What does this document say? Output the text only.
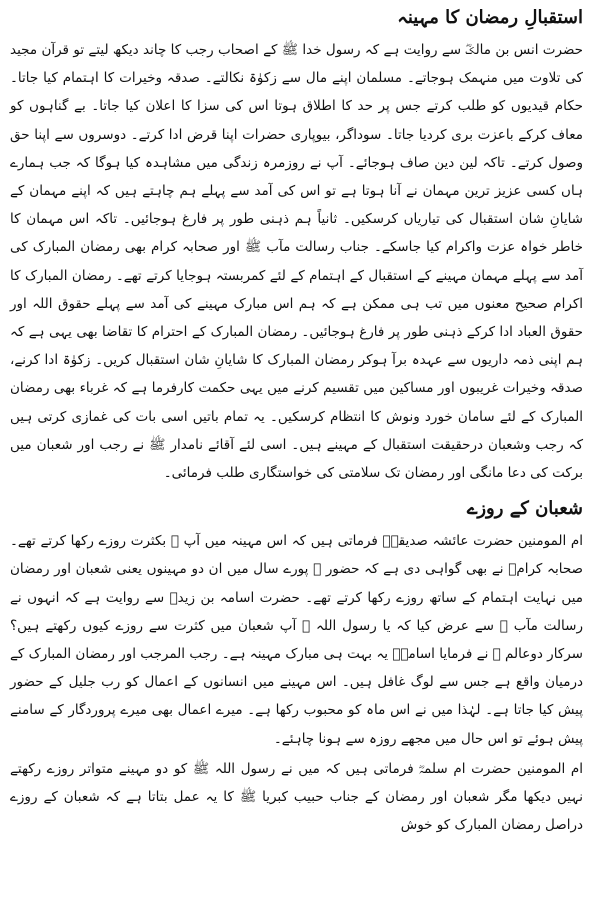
استقبالِ رمضان کا مہینہ

حضرت انس بن مالکؓ سے روایت ہے کہ رسول خدا ﷺ کے اصحاب رجب کا چاند دیکھ لیتے تو قرآن مجید کی تلاوت میں منہمک ہوجاتے۔ مسلمان اپنے مال سے زکوٰۃ نکالتے۔ صدقہ وخیرات کا اہتمام کیا جاتا۔ حکام قیدیوں کو طلب کرتے جس پر حد کا اطلاق ہوتا اس کی سزا کا اعلان کیا جاتا۔ بے گناہوں کو معاف کرکے باعزت بری کردیا جاتا۔ سوداگر، بیوپاری حضرات اپنا قرض ادا کرتے۔ دوسروں سے اپنا حق وصول کرتے۔ تاکہ لین دین صاف ہوجائے۔ آپ نے روزمرہ زندگی میں مشاہدہ کیا ہوگا کہ جب ہمارے ہاں کسی عزیز ترین مہمان نے آنا ہوتا ہے تو اس کی آمد سے پہلے ہم چاہتے ہیں کہ اپنے مہمان کے شایانِ شان استقبال کی تیاریاں کرسکیں۔ ثانیاً ہم ذہنی طور پر فارغ ہوجائیں۔ تاکہ اس مہمان کا خاطر خواہ عزت واکرام کیا جاسکے۔ جناب رسالت مآب ﷺ اور صحابہ کرام بھی رمضان المبارک کی آمد سے پہلے مہمان مہینے کے استقبال کے اہتمام کے لئے کمربستہ ہوجایا کرتے تھے۔ رمضان المبارک کا اکرام صحیح معنوں میں تب ہی ممکن ہے کہ ہم اس مبارک مہینے کی آمد سے پہلے حقوق اللہ اور حقوق العباد ادا کرکے ذہنی طور پر فارغ ہوجائیں۔ رمضان المبارک کے احترام کا تقاضا بھی یہی ہے کہ ہم اپنی ذمہ داریوں سے عہدہ برآ ہوکر رمضان المبارک کا شایانِ شان استقبال کریں۔ زکوٰۃ ادا کرنے، صدقہ وخیرات غریبوں اور مساکین میں تقسیم کرنے میں یہی حکمت کارفرما ہے کہ غرباء بھی رمضان المبارک کے لئے سامان خورد ونوش کا انتظام کرسکیں۔ یہ تمام باتیں اسی بات کی غمازی کرتی ہیں کہ رجب وشعبان درحقیقت استقبال کے مہینے ہیں۔ اسی لئے آقائے نامدار ﷺ نے رجب اور شعبان میں برکت کی دعا مانگی اور رمضان تک سلامتی کی خواستگاری طلب فرمائی۔

شعبان کے روزے

ام المومنین حضرت عائشہ صدیقہؓ فرماتی ہیں کہ اس مہینہ میں آپ ﷺ بکثرت روزے رکھا کرتے تھے۔ صحابہ کرامؓ نے بھی گواہی دی ہے کہ حضور ﷺ پورے سال میں ان دو مہینوں یعنی شعبان اور رمضان میں نہایت اہتمام کے ساتھ روزے رکھا کرتے تھے۔ حضرت اسامہ بن زیدؓ سے روایت ہے کہ انہوں نے رسالت مآب ﷺ سے عرض کیا کہ یا رسول اللہ ﷺ آپ شعبان میں کثرت سے روزے کیوں رکھتے ہیں؟ سرکار دوعالم ﷺ نے فرمایا اسامہؓ یہ بہت ہی مبارک مہینہ ہے۔ رجب المرجب اور رمضان المبارک کے درمیان واقع ہے جس سے لوگ غافل ہیں۔ اس مہینے میں انسانوں کے اعمال کو رب جلیل کے حضور پیش کیا جاتا ہے۔ لہٰذا میں نے اس ماہ کو محبوب رکھا ہے۔ میرے اعمال بھی میرے پروردگار کے سامنے پیش ہوئے تو اس حال میں مجھے روزہ سے ہونا چاہئے۔

ام المومنین حضرت ام سلمہؓ فرماتی ہیں کہ میں نے رسول اللہ ﷺ کو دو مہینے متواتر روزے رکھتے نہیں دیکھا مگر شعبان اور رمضان کے جناب حبیب کبریا ﷺ کا یہ عمل بتاتا ہے کہ شعبان کے روزے دراصل رمضان المبارک کو خوش
